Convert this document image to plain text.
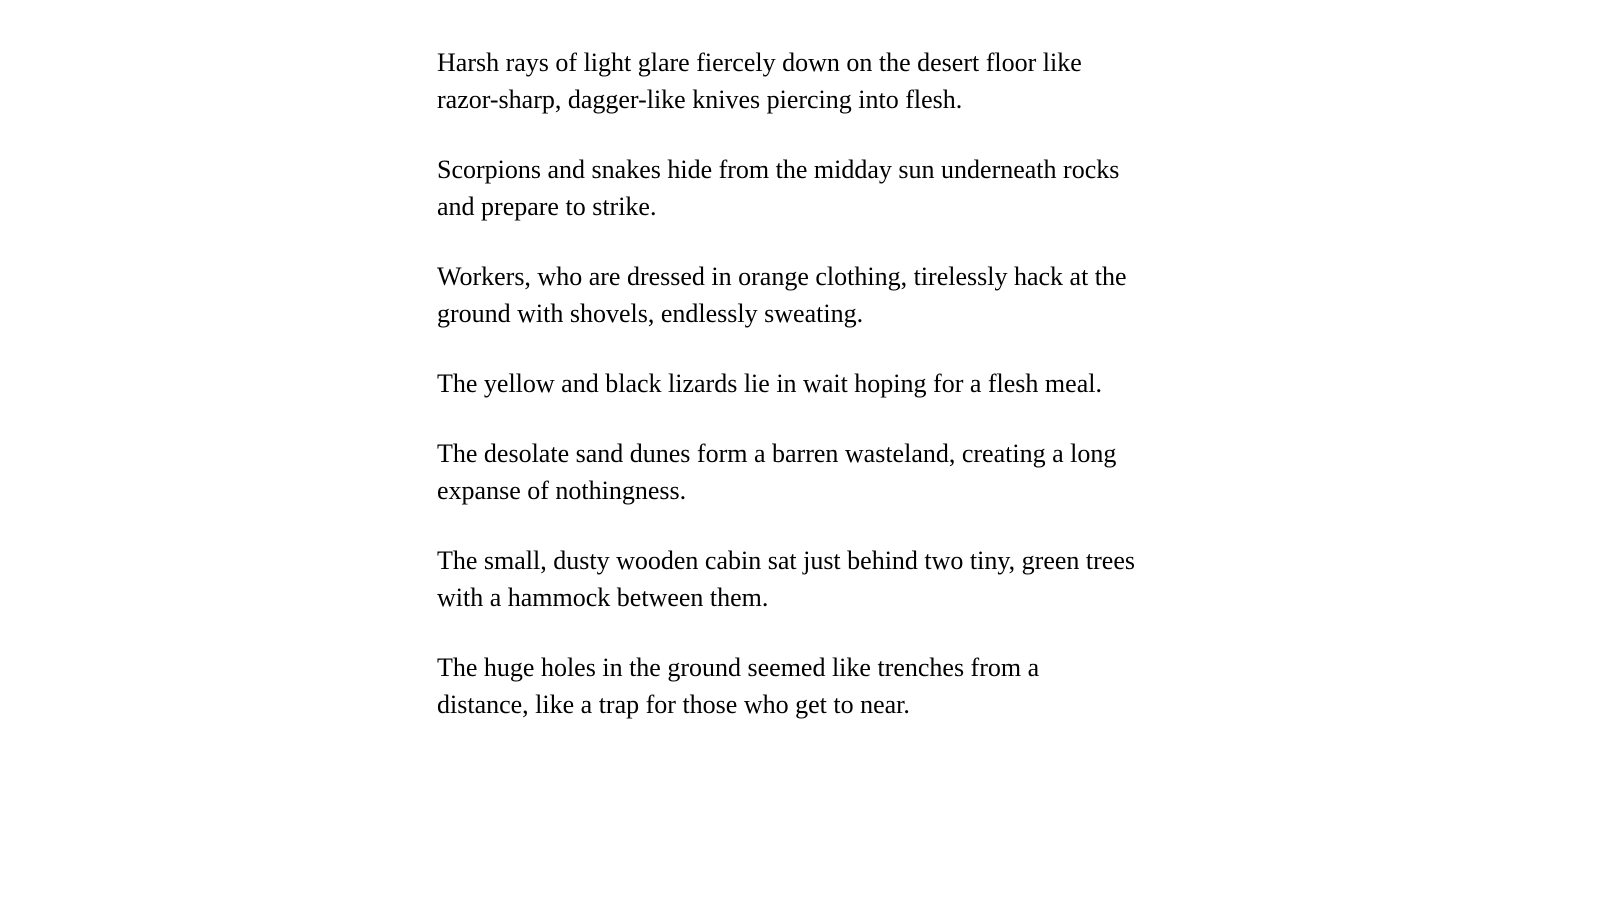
Harsh rays of light glare fiercely down on the desert floor like razor-sharp, dagger-like knives piercing into flesh.

Scorpions and snakes hide from the midday sun underneath rocks and prepare to strike.

Workers, who are dressed in orange clothing, tirelessly hack at the ground with shovels, endlessly sweating.

The yellow and black lizards lie in wait hoping for a flesh meal.

The desolate sand dunes form a barren wasteland, creating a long expanse of nothingness.

The small, dusty wooden cabin sat just behind two tiny, green trees with a hammock between them.

The huge holes in the ground seemed like trenches from a distance, like a trap for those who get to near.
